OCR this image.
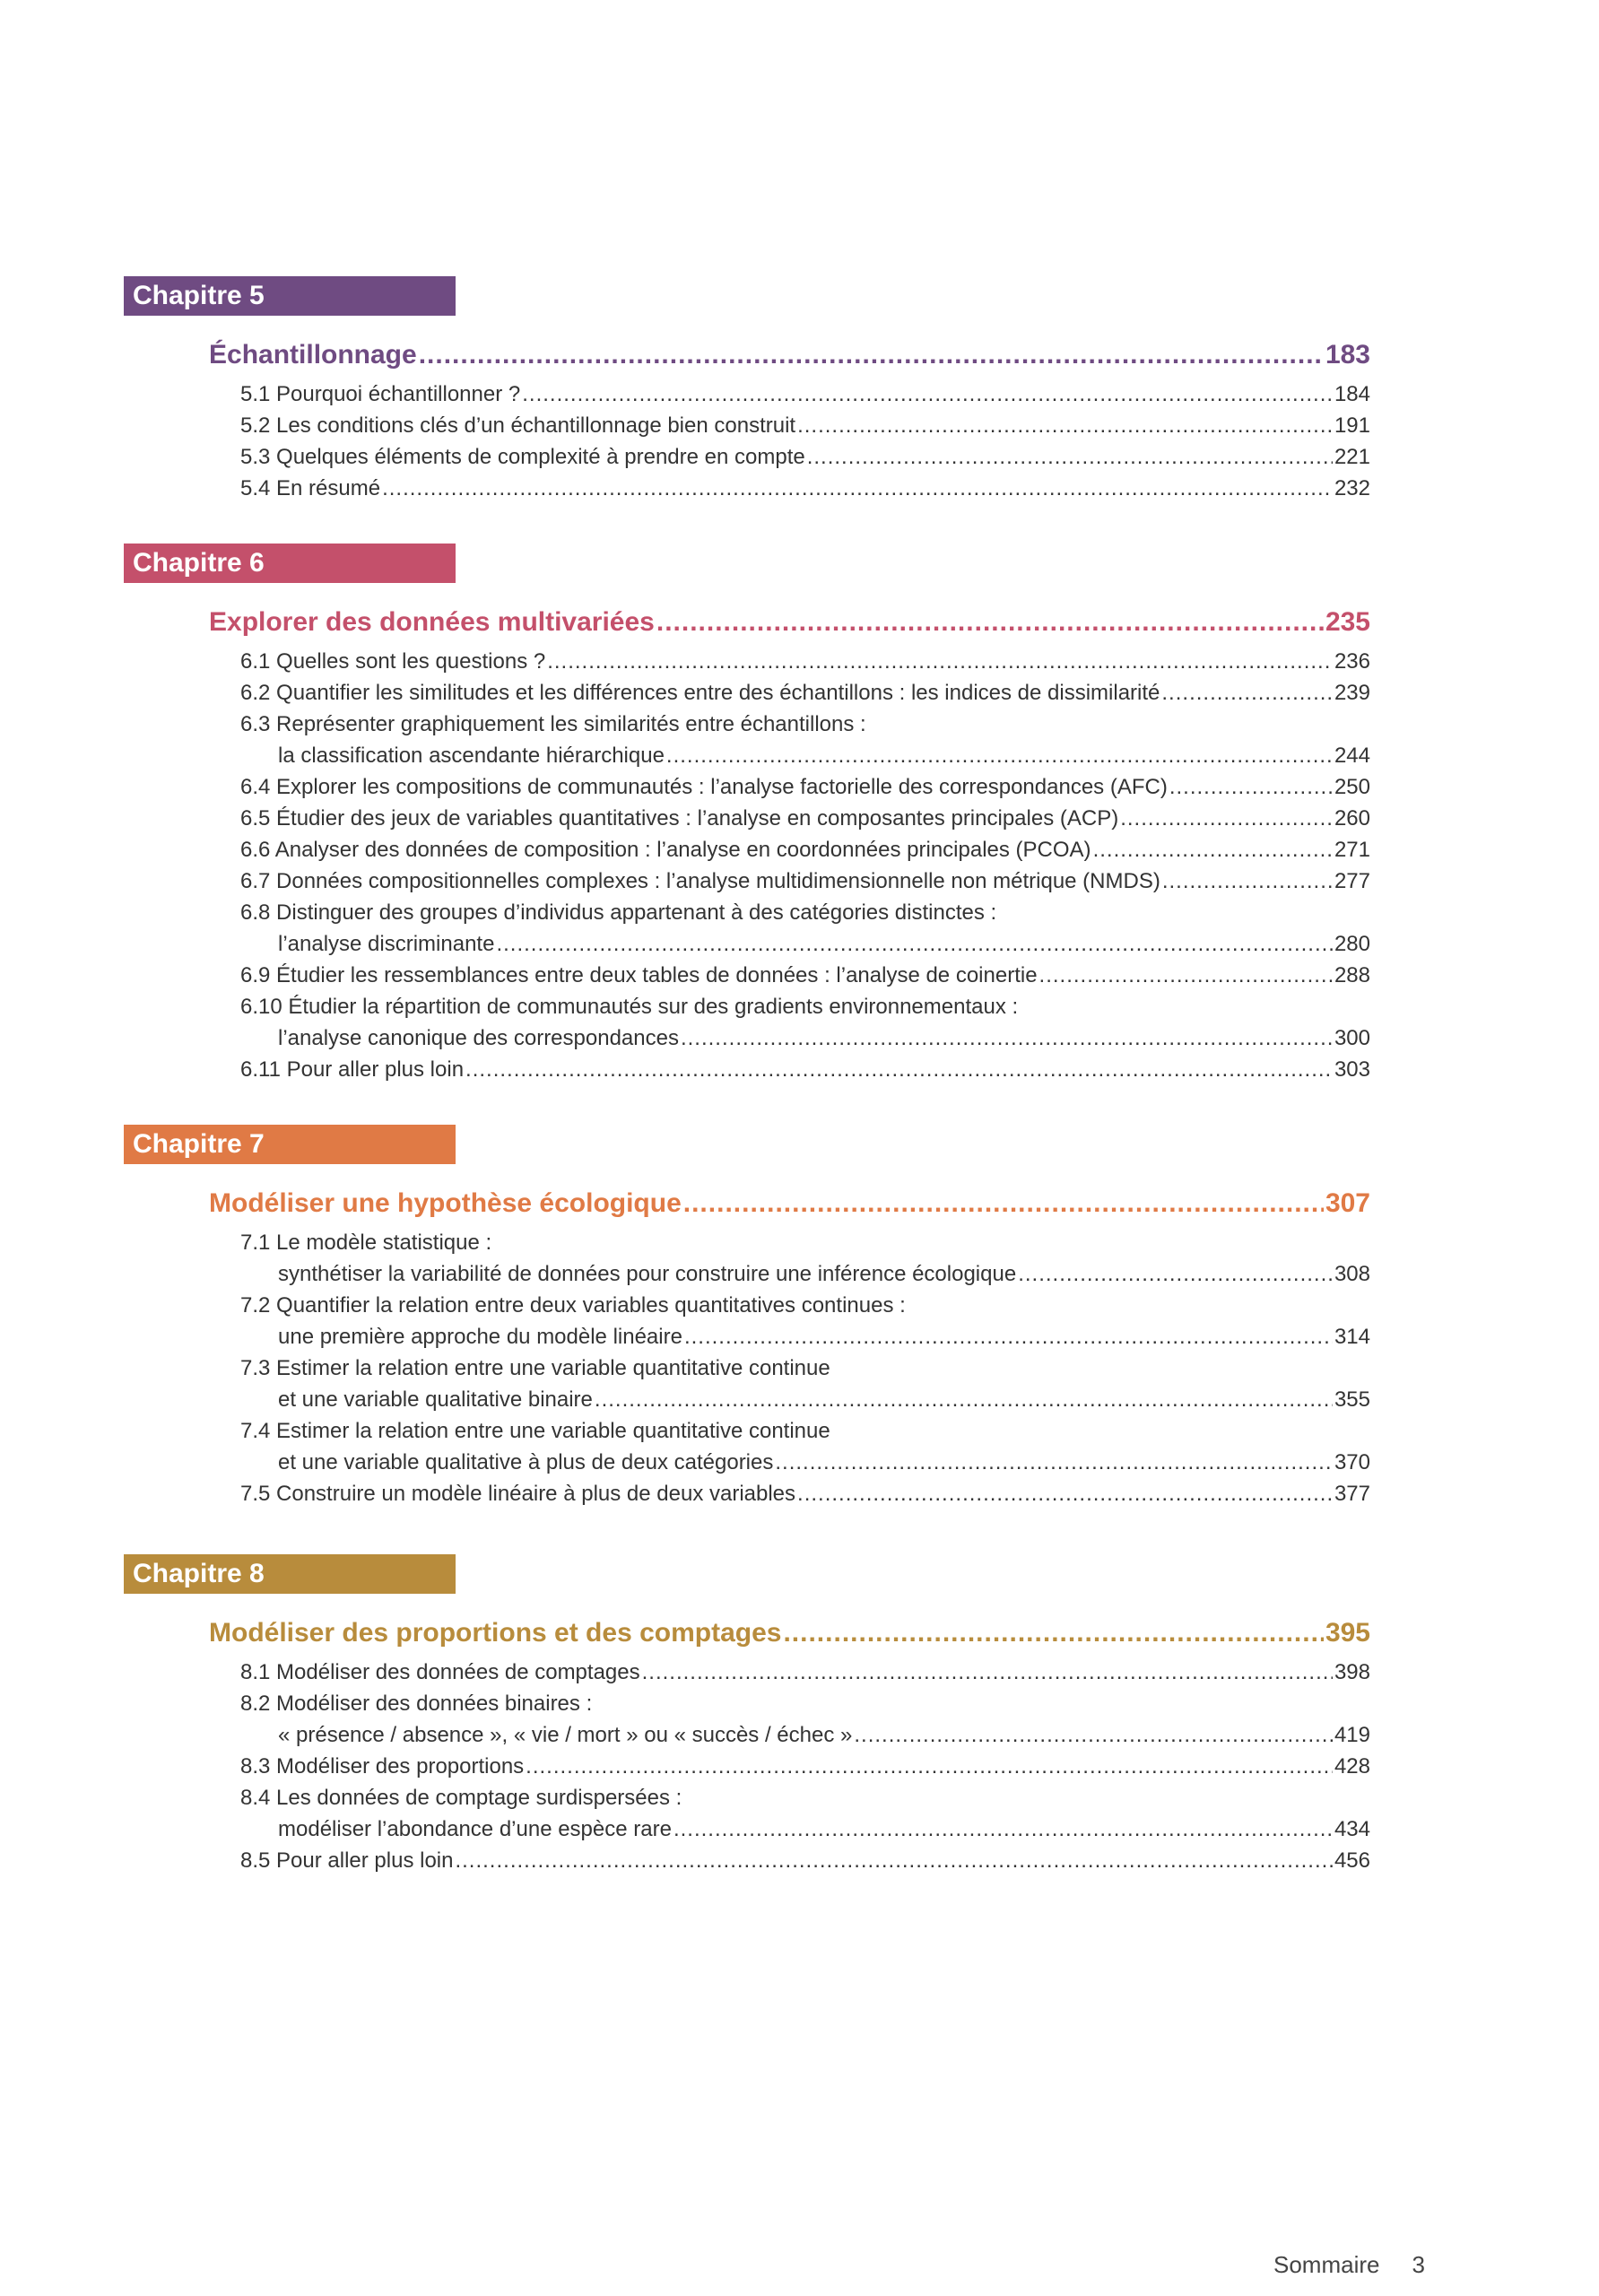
Chapitre 5
Échantillonnage .....	183
5.1 Pourquoi échantillonner ? .....	184
5.2 Les conditions clés d’un échantillonnage bien construit .....	191
5.3 Quelques éléments de complexité à prendre en compte .....	221
5.4 En résumé .....	232
Chapitre 6
Explorer des données multivariées .....	235
6.1 Quelles sont les questions ? .....	236
6.2 Quantifier les similitudes et les différences entre des échantillons : les indices de dissimilarité .....	239
6.3 Représenter graphiquement les similarités entre échantillons :
la classification ascendante hiérarchique .....	244
6.4 Explorer les compositions de communautés : l’analyse factorielle des correspondances (AFC) .....	250
6.5 Étudier des jeux de variables quantitatives : l’analyse en composantes principales (ACP) .....	260
6.6 Analyser des données de composition : l’analyse en coordonnées principales (PCOA) .....	271
6.7 Données compositionnelles complexes : l’analyse multidimensionnelle non métrique (NMDS) .....	277
6.8 Distinguer des groupes d’individus appartenant à des catégories distinctes :
l’analyse discriminante .....	280
6.9 Étudier les ressemblances entre deux tables de données : l’analyse de coinertie .....	288
6.10 Étudier la répartition de communautés sur des gradients environnementaux :
l’analyse canonique des correspondances .....	300
6.11 Pour aller plus loin .....	303
Chapitre 7
Modéliser une hypothèse écologique .....	307
7.1 Le modèle statistique :
synthétiser la variabilité de données pour construire une inférence écologique .....	308
7.2 Quantifier la relation entre deux variables quantitatives continues :
une première approche du modèle linéaire .....	314
7.3 Estimer la relation entre une variable quantitative continue
et une variable qualitative binaire .....	355
7.4 Estimer la relation entre une variable quantitative continue
et une variable qualitative à plus de deux catégories .....	370
7.5 Construire un modèle linéaire à plus de deux variables .....	377
Chapitre 8
Modéliser des proportions et des comptages .....	395
8.1 Modéliser des données de comptages .....	398
8.2 Modéliser des données binaires :
« présence / absence », « vie / mort » ou « succès / échec » .....	419
8.3 Modéliser des proportions .....	428
8.4 Les données de comptage surdispersées :
modéliser l’abondance d’une espèce rare .....	434
8.5 Pour aller plus loin .....	456
Sommaire 3
